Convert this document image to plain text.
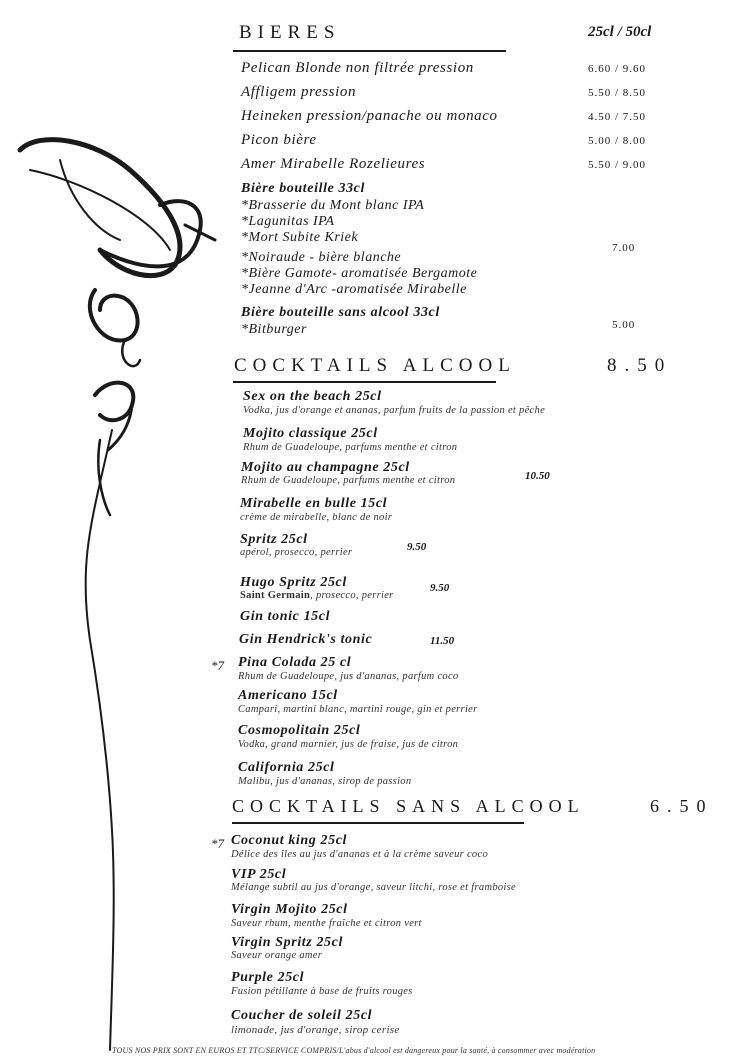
BIERES	25cl / 50cl
Pelican Blonde non filtrée pression	6.60 / 9.60
Affligem pression	5.50 / 8.50
Heineken pression/panache ou monaco	4.50 / 7.50
Picon bière	5.00 / 8.00
Amer Mirabelle Rozelieures	5.50 / 9.00
Bière bouteille 33cl
*Brasserie du Mont blanc IPA
*Lagunitas IPA
*Mort Subite Kriek
*Noiraude - bière blanche
*Bière Gamote- aromatisée Bergamote
*Jeanne d'Arc -aromatisée Mirabelle
7.00
Bière bouteille sans alcool 33cl
*Bitburger	5.00
COCKTAILS ALCOOL	8.50
Sex on the beach 25cl
Vodka, jus d'orange et ananas, parfum fruits de la passion et pêche
Mojito classique 25cl
Rhum de Guadeloupe, parfums menthe et citron
Mojito au champagne 25cl
Rhum de Guadeloupe, parfums menthe et citron	10.50
Mirabelle en bulle 15cl
crème de mirabelle, blanc de noir
Spritz 25cl
apérol, prosecco, perrier	9.50
Hugo Spritz 25cl
Saint Germain, prosecco, perrier
9.50
Gin tonic 15cl
Gin Hendrick's tonic	11.50
*7 Pina Colada 25 cl
Rhum de Guadeloupe, jus d'ananas, parfum coco
Americano 15cl
Campari, martini blanc, martini rouge, gin et perrier
Cosmopolitain 25cl
Vodka, grand marnier, jus de fraise, jus de citron
California 25cl
Malibu, jus d'ananas, sirop de passion
COCKTAILS SANS ALCOOL	6.50
*7 Coconut king 25cl
Délice des îles au jus d'ananas et à la crème saveur coco
VIP 25cl
Mélange subtil au jus d'orange, saveur litchi, rose et framboise
Virgin Mojito 25cl
Saveur rhum, menthe fraîche et citron vert
Virgin Spritz 25cl
Saveur orange amer
Purple 25cl
Fusion pétillante à base de fruits rouges
Coucher de soleil 25cl
limonade, jus d'orange, sirop cerise
TOUS NOS PRIX SONT EN EUROS ET TTC/SERVICE COMPRIS/L'abus d'alcool est dangereux pour la santé, à consommer avec modération
